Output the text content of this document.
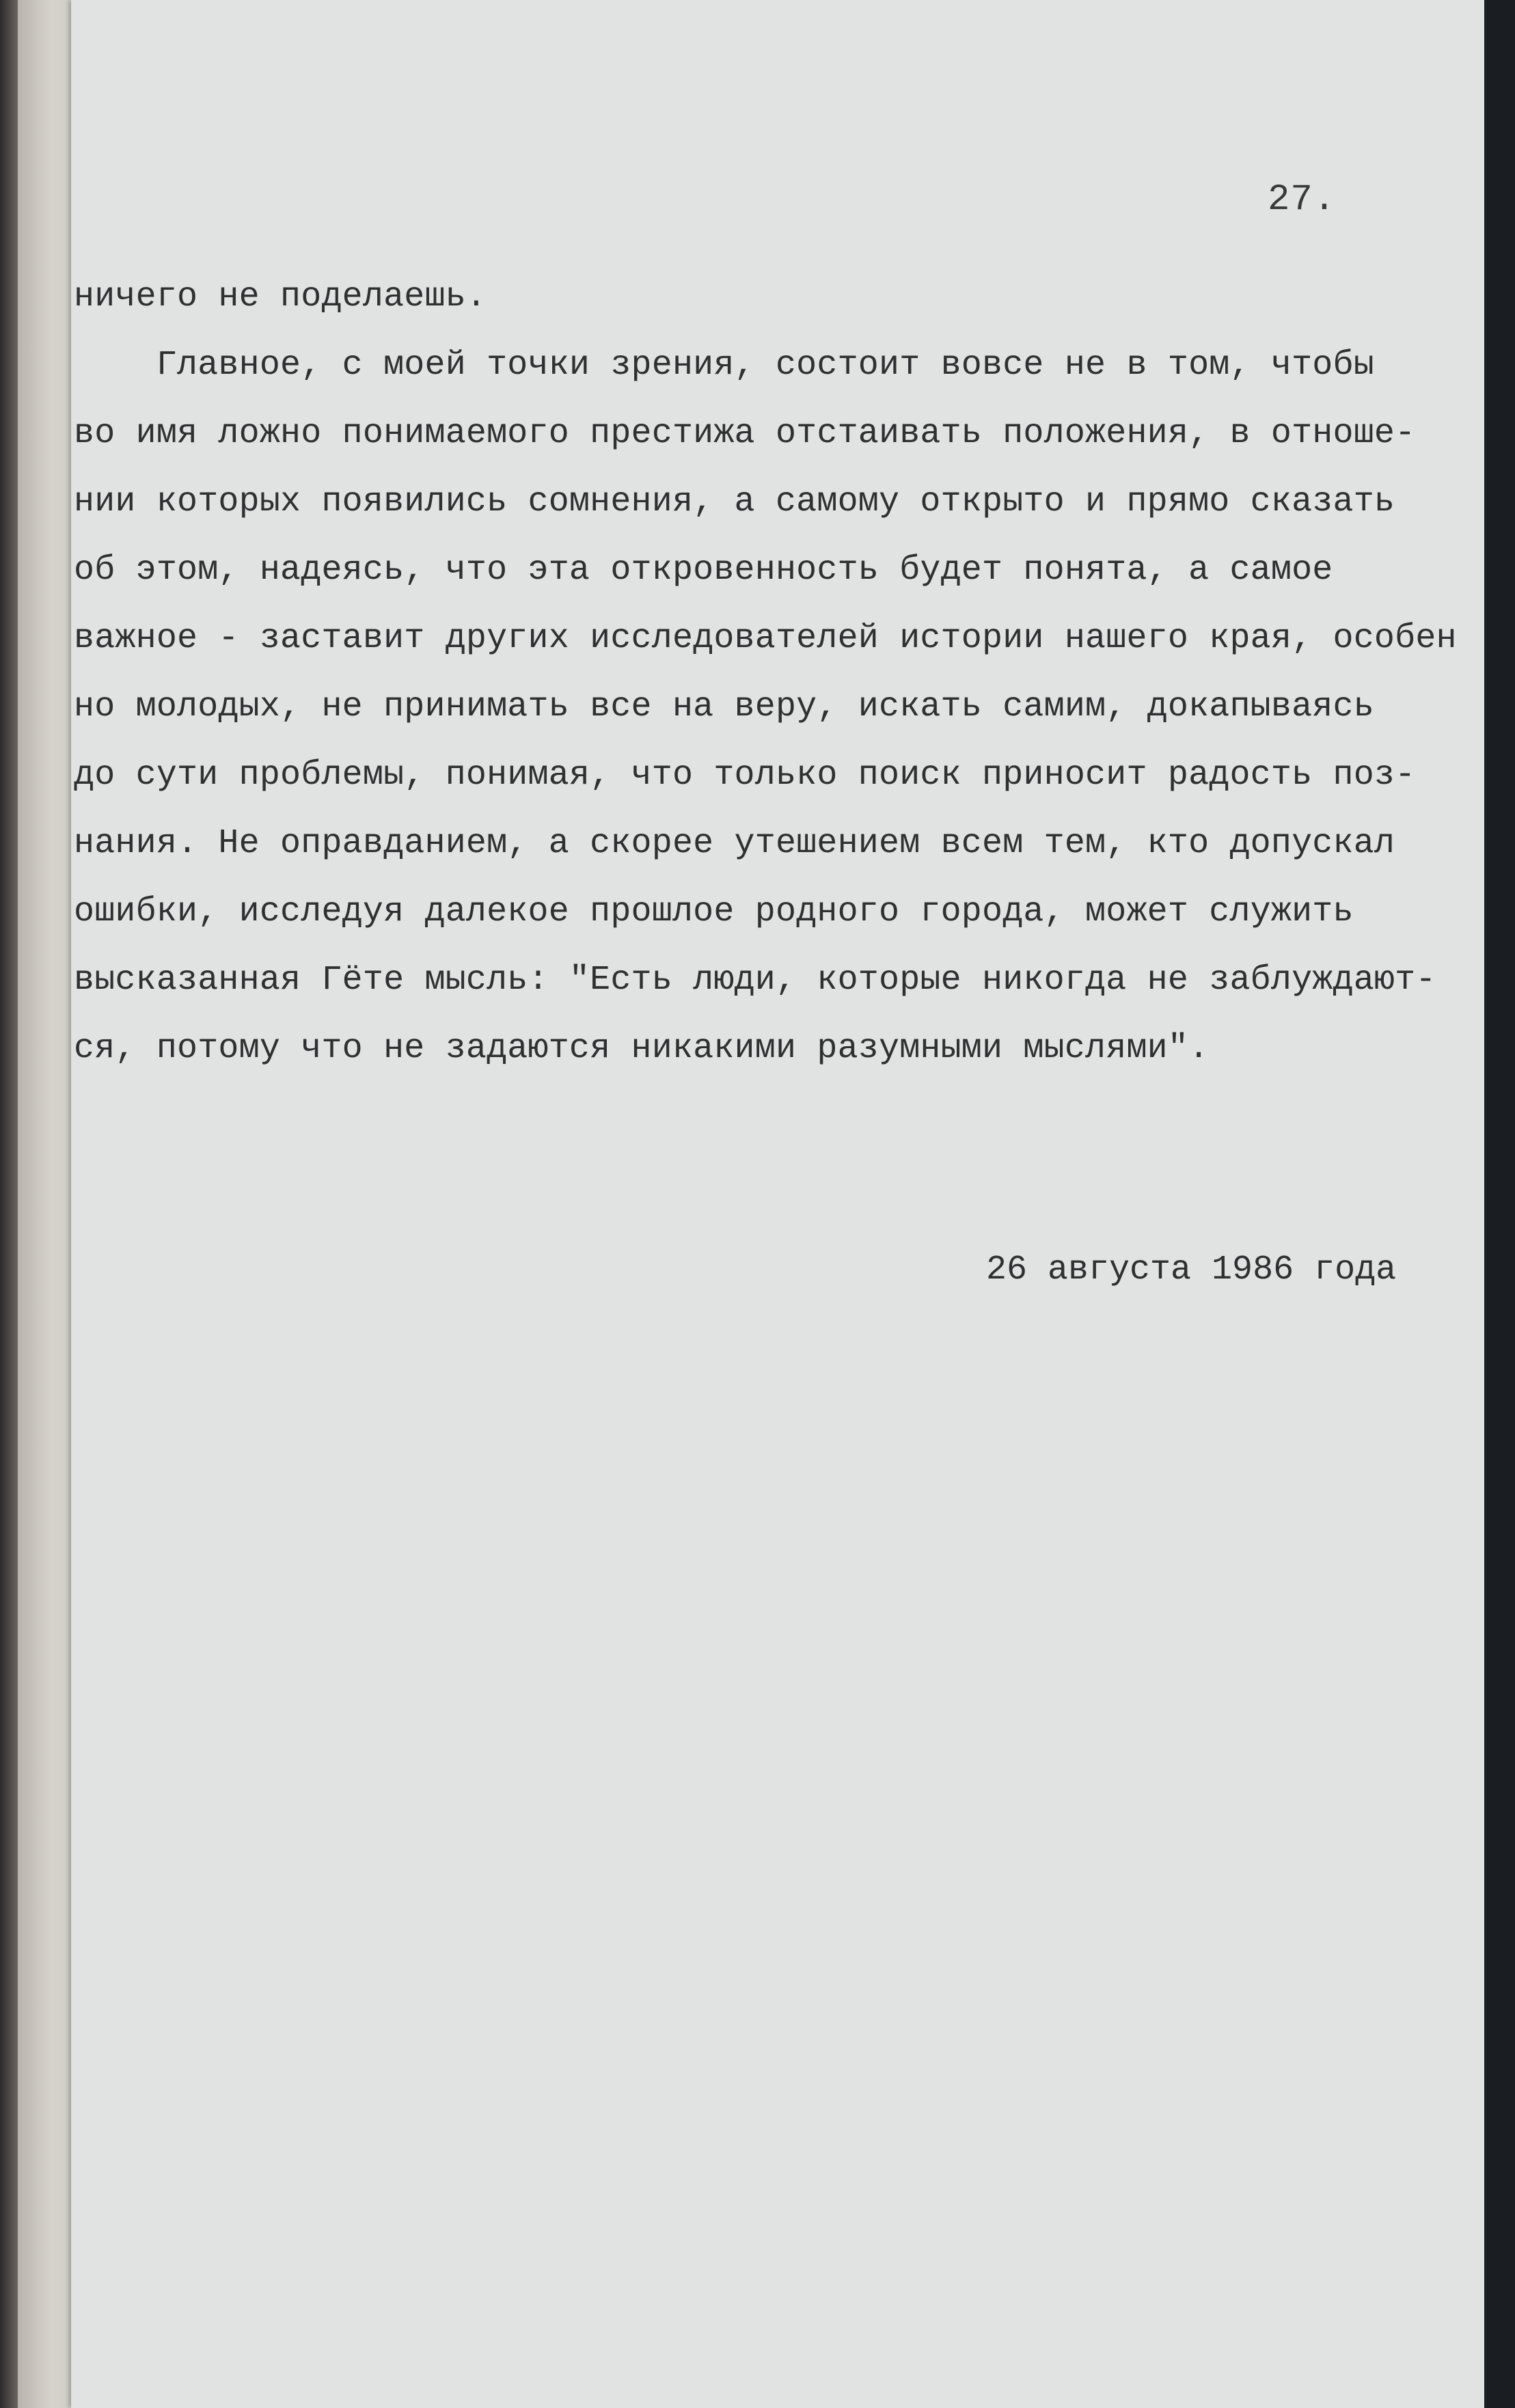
27.
ничего не поделаешь.
Главное, с моей точки зрения, состоит вовсе не в том, чтобы
во имя ложно понимаемого престижа отстаивать положения, в отноше-
нии которых появились сомнения, а самому открыто и прямо сказать
об этом, надеясь, что эта откровенность будет понята, а самое
важное - заставит других исследователей истории нашего края, особен
но молодых, не принимать все на веру, искать самим, докапываясь
до сути проблемы, понимая, что только поиск приносит радость поз-
нания. Не оправданием, а скорее утешением всем тем, кто допускал
ошибки, исследуя далекое прошлое родного города, может служить
высказанная Гёте мысль: "Есть люди, которые никогда не заблуждают-
ся, потому что не задаются никакими разумными мыслями".
26 августа 1986 года
